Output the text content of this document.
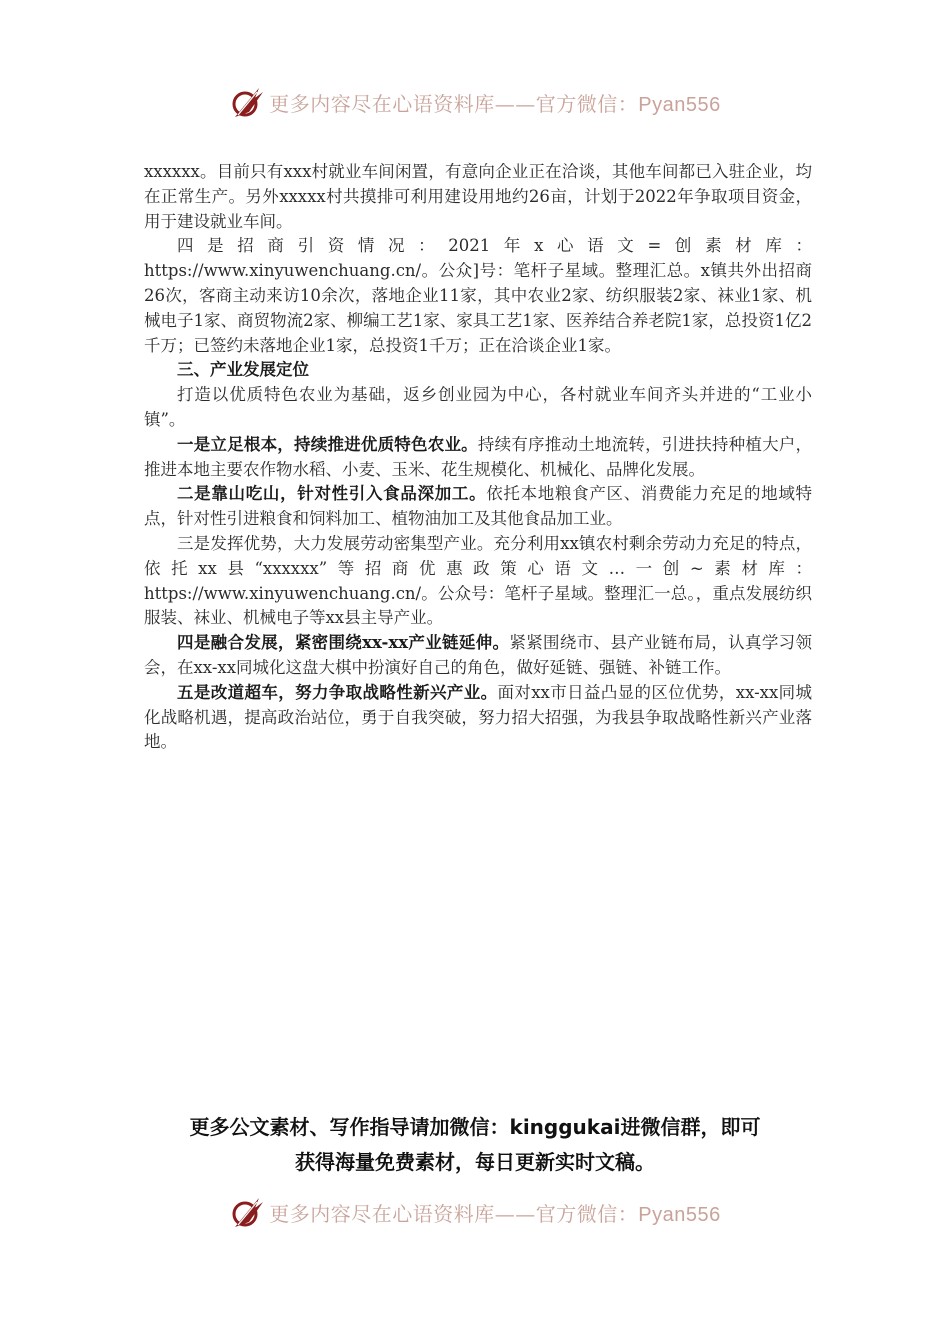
更多内容尽在心语资料库——官方微信：Pyan556

xxxxxx。目前只有xxx村就业车间闲置，有意向企业正在洽谈，其他车间都已入驻企业，均在正常生产。另外xxxxx村共摸排可利用建设用地约26亩，计划于2022年争取项目资金，用于建设就业车间。

四是招商引资情况：2021年x心语文=创素材库：https://www.xinyuwenchuang.cn/。公众]号：笔杆子星域。整理汇总。x镇共外出招商26次，客商主动来访10余次，落地企业11家，其中农业2家、纺织服装2家、袜业1家、机械电子1家、商贸物流2家、柳编工艺1家、家具工艺1家、医养结合养老院1家，总投资1亿2千万；已签约未落地企业1家，总投资1千万；正在洽谈企业1家。

三、产业发展定位

打造以优质特色农业为基础，返乡创业园为中心，各村就业车间齐头并进的“工业小镇”。

一是立足根本，持续推进优质特色农业。持续有序推动土地流转，引进扶持种植大户，推进本地主要农作物水稻、小麦、玉米、花生规模化、机械化、品牌化发展。

二是靠山吃山，针对性引入食品深加工。依托本地粮食产区、消费能力充足的地域特点，针对性引进粮食和饲料加工、植物油加工及其他食品加工业。

三是发挥优势，大力发展劳动密集型产业。充分利用xx镇农村剩余劳动力充足的特点，依托xx县“xxxxxx”等招商优惠政策心语文…一创~素材库：https://www.xinyuwenchuang.cn/。公众号：笔杆子星域。整理汇一总。，重点发展纺织服装、袜业、机械电子等xx县主导产业。

四是融合发展，紧密围绕xx-xx产业链延伸。紧紧围绕市、县产业链布局，认真学习领会，在xx-xx同城化这盘大棋中扮演好自己的角色，做好延链、强链、补链工作。

五是改道超车，努力争取战略性新兴产业。面对xx市日益凸显的区位优势，xx-xx同城化战略机遇，提高政治站位，勇于自我突破，努力招大招强，为我县争取战略性新兴产业落地。

更多公文素材、写作指导请加微信：kinggukai进微信群，即可
获得海量免费素材，每日更新实时文稿。
更多内容尽在心语资料库——官方微信：Pyan556
